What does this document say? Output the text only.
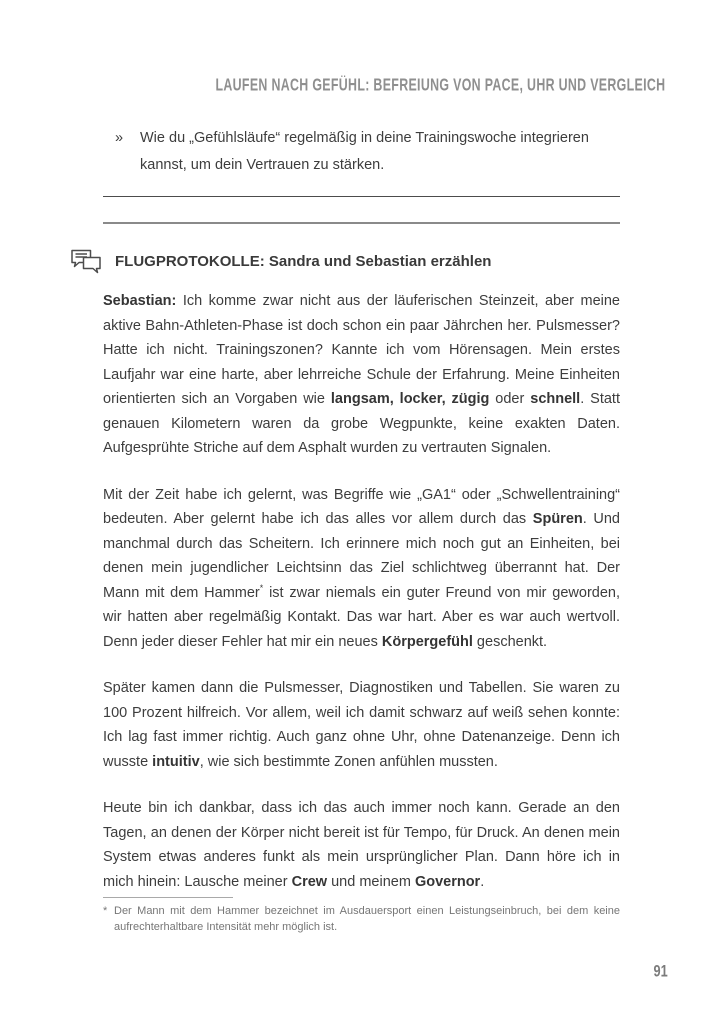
LAUFEN NACH GEFÜHL: BEFREIUNG VON PACE, UHR UND VERGLEICH
»	Wie du „Gefühlsläufe“ regelmäßig in deine Trainingswoche integrieren kannst, um dein Vertrauen zu stärken.
FLUGPROTOKOLLE: Sandra und Sebastian erzählen

Sebastian: Ich komme zwar nicht aus der läuferischen Steinzeit, aber meine aktive Bahn-Athleten-Phase ist doch schon ein paar Jährchen her. Pulsmesser? Hatte ich nicht. Trainingszonen? Kannte ich vom Hörensagen. Mein erstes Laufjahr war eine harte, aber lehrreiche Schule der Erfahrung. Meine Einheiten orientierten sich an Vorgaben wie langsam, locker, zügig oder schnell. Statt genauen Kilometern waren da grobe Wegpunkte, keine exakten Daten. Aufgesprühte Striche auf dem Asphalt wurden zu vertrauten Signalen.

Mit der Zeit habe ich gelernt, was Begriffe wie „GA1“ oder „Schwellentraining“ bedeuten. Aber gelernt habe ich das alles vor allem durch das Spüren. Und manchmal durch das Scheitern. Ich erinnere mich noch gut an Einheiten, bei denen mein jugendlicher Leichtsinn das Ziel schlichtweg überrannt hat. Der Mann mit dem Hammer* ist zwar niemals ein guter Freund von mir geworden, wir hatten aber regelmäßig Kontakt. Das war hart. Aber es war auch wertvoll. Denn jeder dieser Fehler hat mir ein neues Körpergefühl geschenkt.

Später kamen dann die Pulsmesser, Diagnostiken und Tabellen. Sie waren zu 100 Prozent hilfreich. Vor allem, weil ich damit schwarz auf weiß sehen konnte: Ich lag fast immer richtig. Auch ganz ohne Uhr, ohne Datenanzeige. Denn ich wusste intuitiv, wie sich bestimmte Zonen anfühlen mussten.

Heute bin ich dankbar, dass ich das auch immer noch kann. Gerade an den Tagen, an denen der Körper nicht bereit ist für Tempo, für Druck. An denen mein System etwas anderes funkt als mein ursprünglicher Plan. Dann höre ich in mich hinein: Lausche meiner Crew und meinem Governor.

* Der Mann mit dem Hammer bezeichnet im Ausdauersport einen Leistungseinbruch, bei dem keine aufrechterhaltbare Intensität mehr möglich ist.
91
